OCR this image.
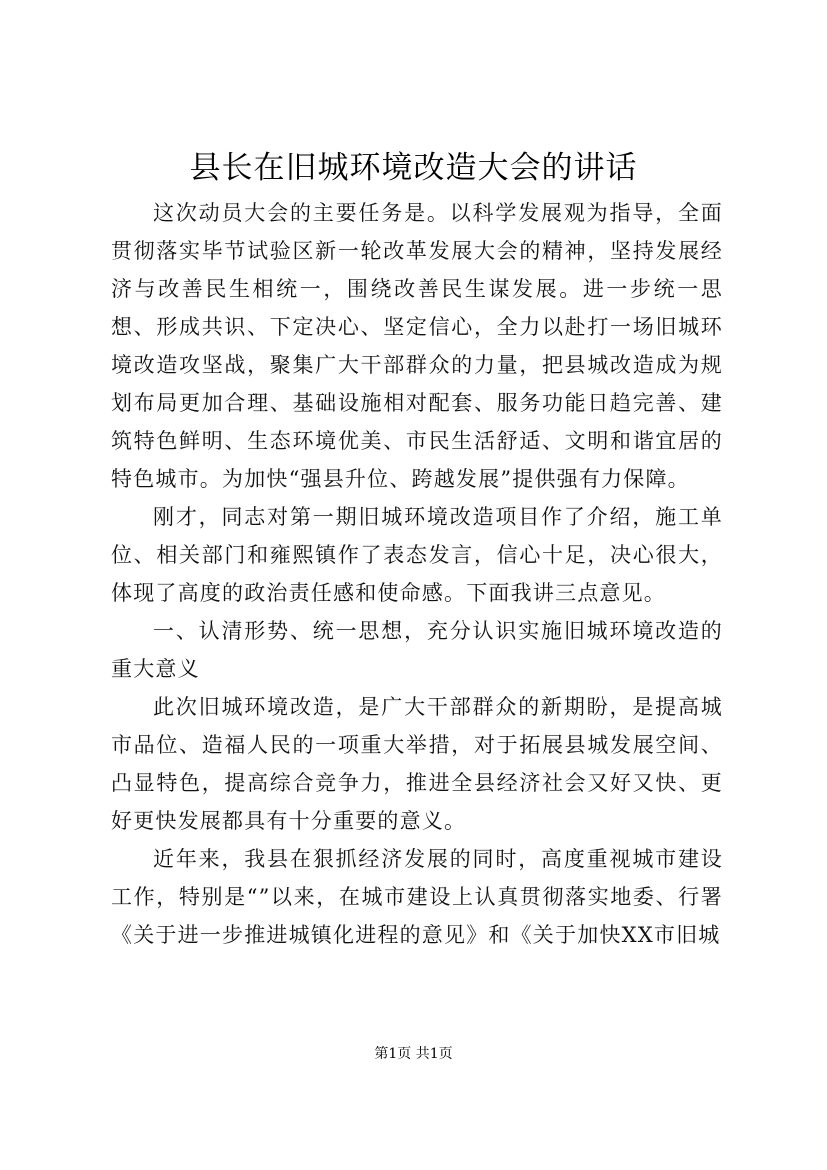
县长在旧城环境改造大会的讲话

这次动员大会的主要任务是。以科学发展观为指导，全面贯彻落实毕节试验区新一轮改革发展大会的精神，坚持发展经济与改善民生相统一，围绕改善民生谋发展。进一步统一思想、形成共识、下定决心、坚定信心，全力以赴打一场旧城环境改造攻坚战，聚集广大干部群众的力量，把县城改造成为规划布局更加合理、基础设施相对配套、服务功能日趋完善、建筑特色鲜明、生态环境优美、市民生活舒适、文明和谐宜居的特色城市。为加快“强县升位、跨越发展”提供强有力保障。

刚才，同志对第一期旧城环境改造项目作了介绍，施工单位、相关部门和雍熙镇作了表态发言，信心十足，决心很大，体现了高度的政治责任感和使命感。下面我讲三点意见。

一、认清形势、统一思想，充分认识实施旧城环境改造的重大意义

此次旧城环境改造，是广大干部群众的新期盼，是提高城市品位、造福人民的一项重大举措，对于拓展县城发展空间、凸显特色，提高综合竞争力，推进全县经济社会又好又快、更好更快发展都具有十分重要的意义。

近年来，我县在狠抓经济发展的同时，高度重视城市建设工作，特别是“”以来，在城市建设上认真贯彻落实地委、行署《关于进一步推进城镇化进程的意见》和《关于加快XX市旧城

第1页 共1页
